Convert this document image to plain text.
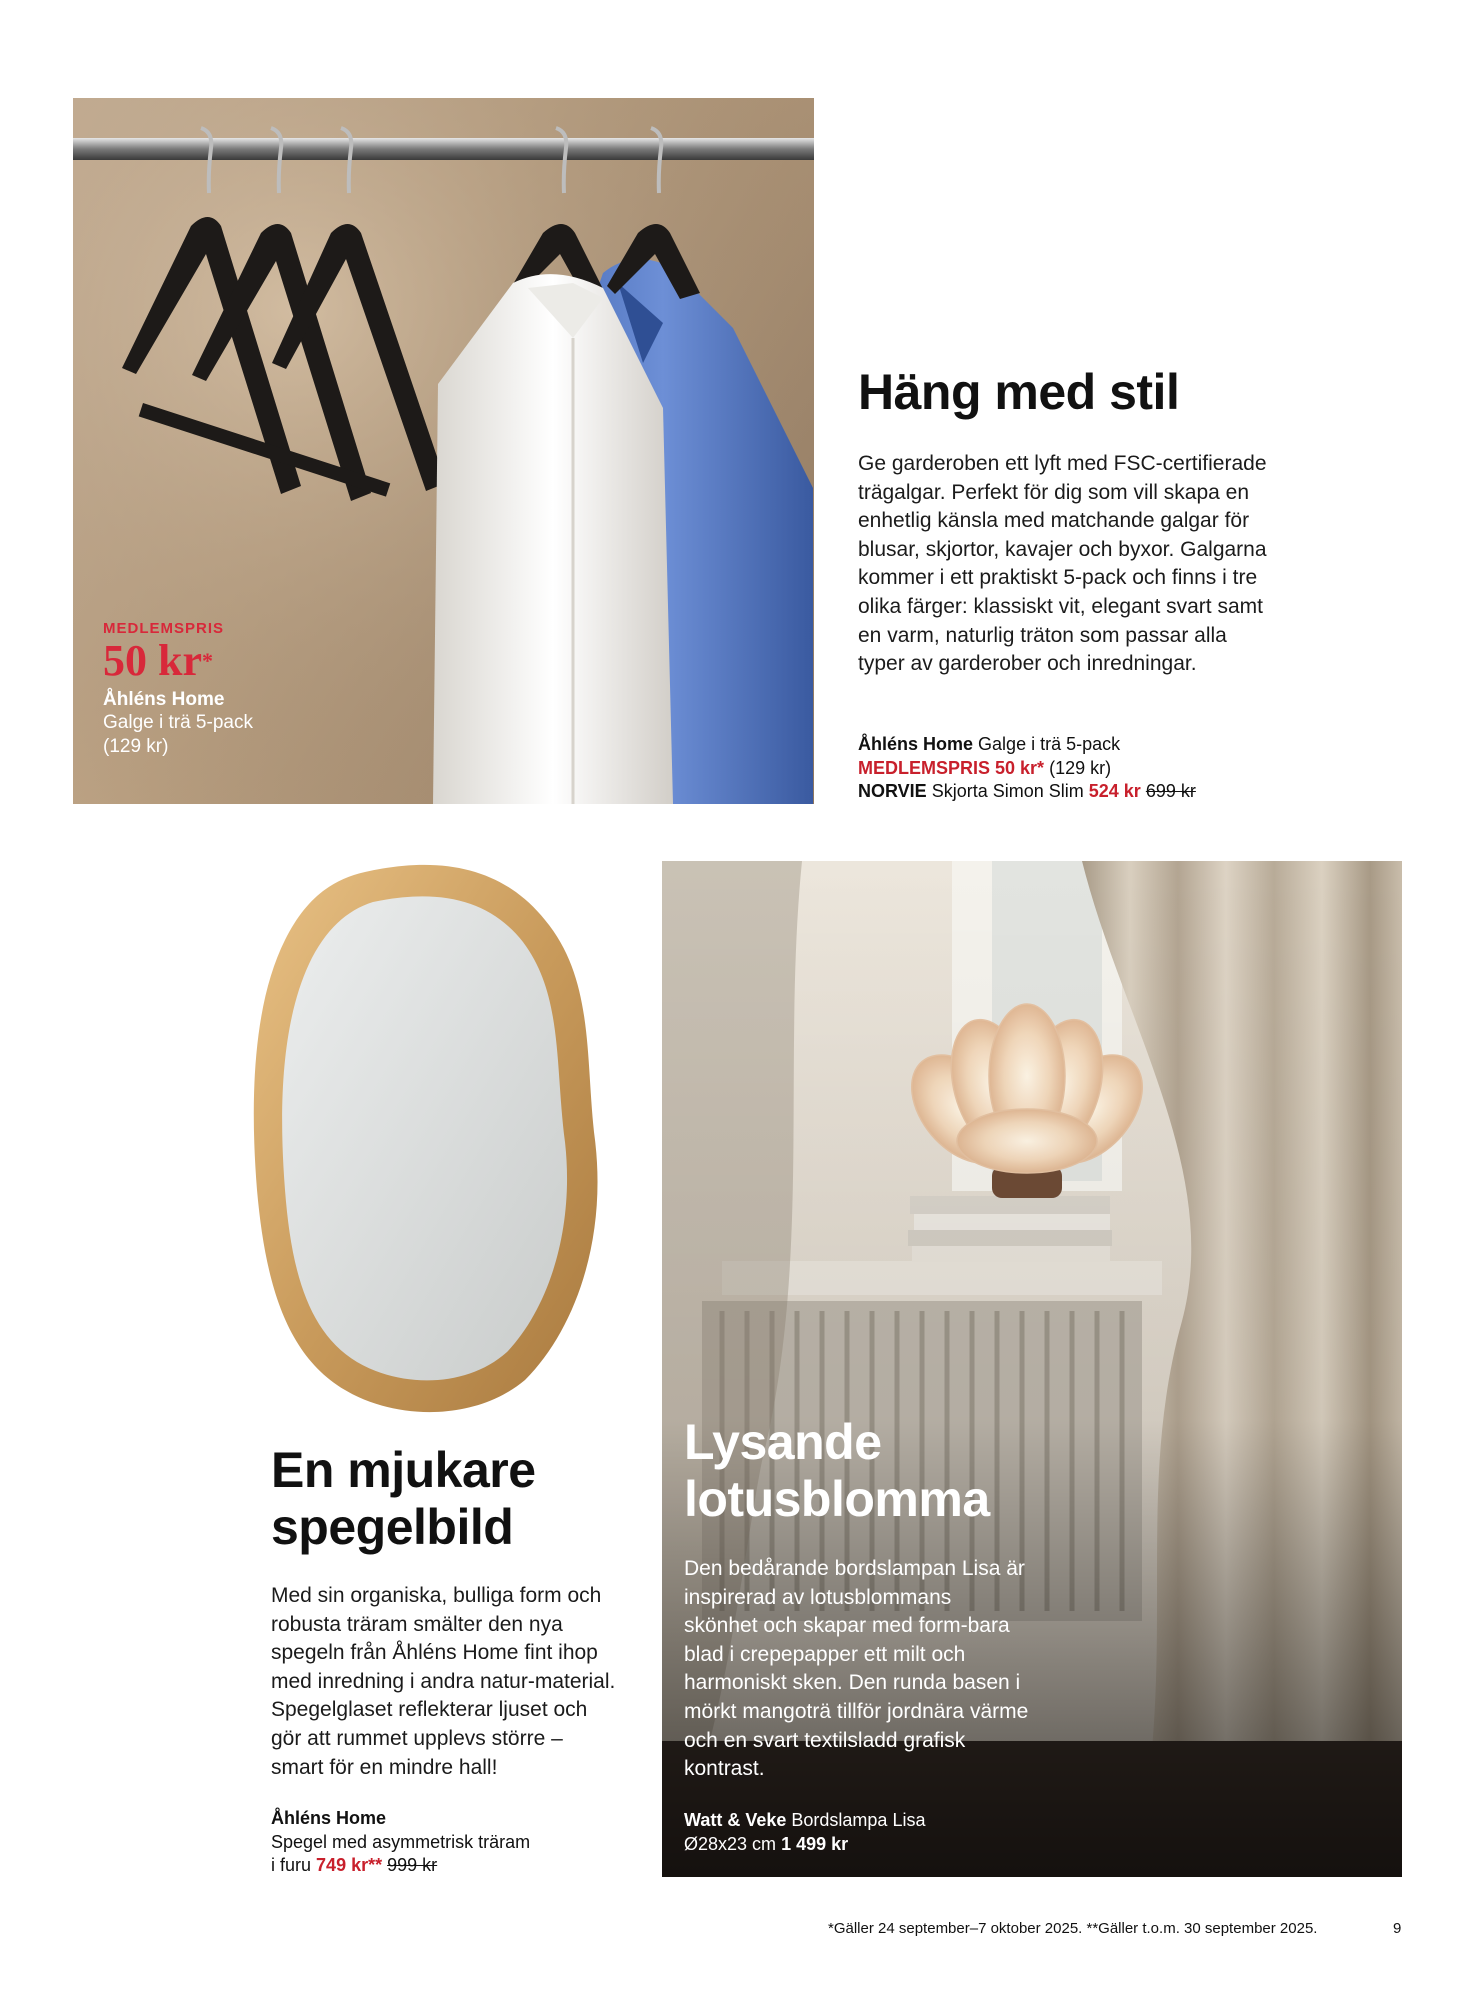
MEDLEMSPRIS
50 kr*
Åhléns Home
Galge i trä 5-pack
(129 kr)
Häng med stil
Ge garderoben ett lyft med FSC-certifierade trägalgar. Perfekt för dig som vill skapa en enhetlig känsla med matchande galgar för blusar, skjortor, kavajer och byxor. Galgarna kommer i ett praktiskt 5-pack och finns i tre olika färger: klassiskt vit, elegant svart samt en varm, naturlig träton som passar alla typer av garderober och inredningar.
Åhléns Home Galge i trä 5-pack
MEDLEMSPRIS 50 kr* (129 kr)
NORVIE Skjorta Simon Slim 524 kr 699 kr
En mjukare
spegelbild
Med sin organiska, bulliga form och robusta träram smälter den nya spegeln från Åhléns Home fint ihop med inredning i andra natur-material. Spegelglaset reflekterar ljuset och gör att rummet upplevs större – smart för en mindre hall!
Åhléns Home
Spegel med asymmetrisk träram
i furu 749 kr** 999 kr
Lysande
lotusblomma
Den bedårande bordslampan Lisa är inspirerad av lotusblommans skönhet och skapar med form-bara blad i crepepapper ett milt och harmoniskt sken. Den runda basen i mörkt mangoträ tillför jordnära värme och en svart textilsladd grafisk kontrast.
Watt & Veke Bordslampa Lisa
Ø28x23 cm 1 499 kr
*Gäller 24 september–7 oktober 2025. **Gäller t.o.m. 30 september 2025.	9
